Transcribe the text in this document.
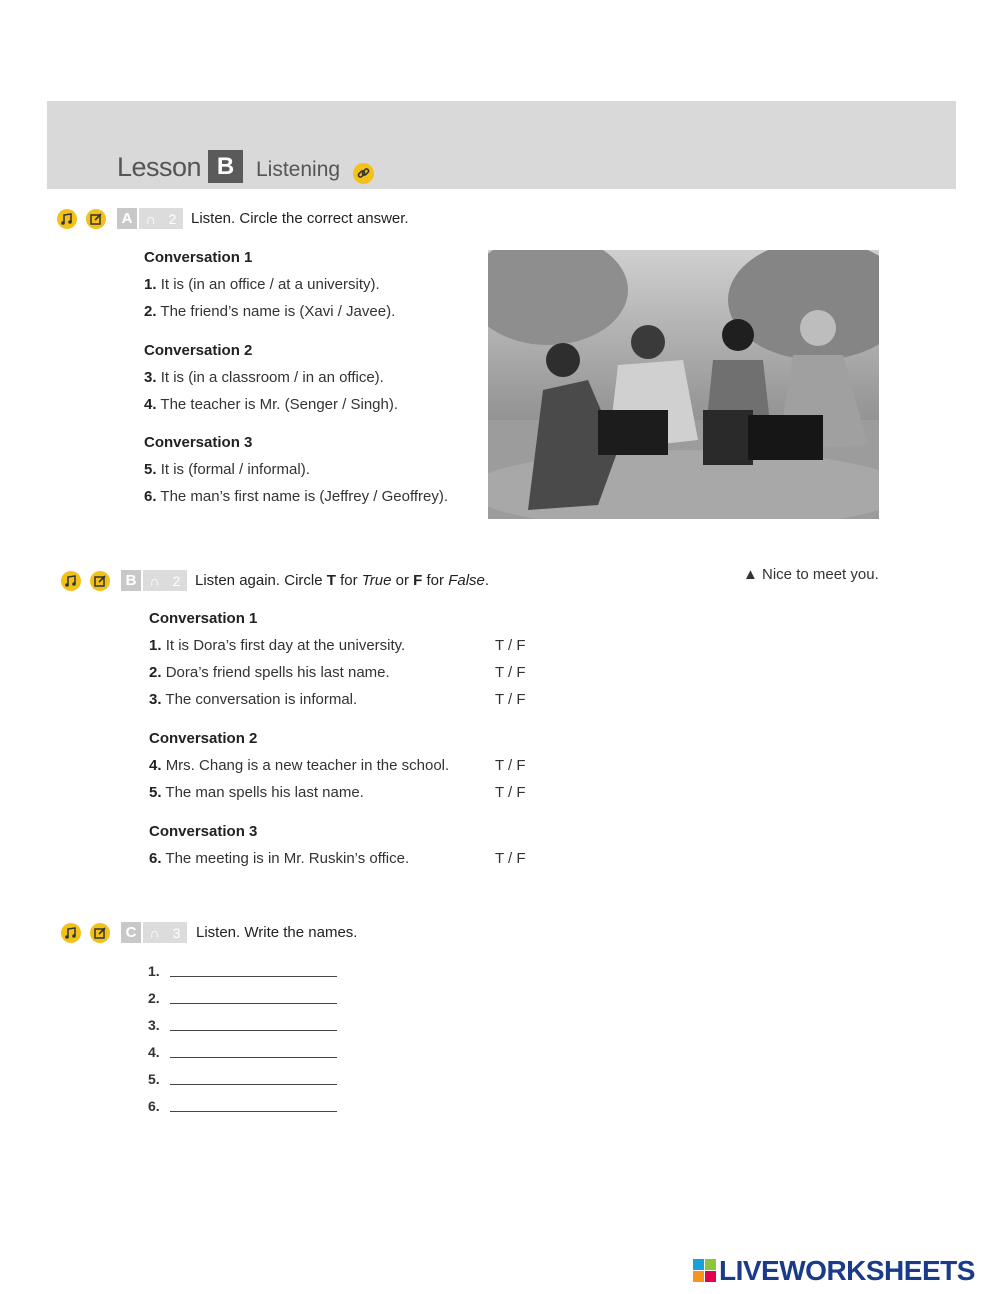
Lesson B	Listening
A ∩ 2 Listen. Circle the correct answer.
Conversation 1
1. It is (in an office / at a university).
2. The friend’s name is (Xavi / Javee).
Conversation 2
3. It is (in a classroom / in an office).
4. The teacher is Mr. (Senger / Singh).
Conversation 3
5. It is (formal / informal).
6. The man’s first name is (Jeffrey / Geoffrey).
▲ Nice to meet you.
B ∩ 2 Listen again. Circle T for True or F for False.
Conversation 1
1. It is Dora’s first day at the university.	T / F
2. Dora’s friend spells his last name.	T / F
3. The conversation is informal.	T / F
Conversation 2
4. Mrs. Chang is a new teacher in the school.	T / F
5. The man spells his last name.	T / F
Conversation 3
6. The meeting is in Mr. Ruskin’s office.	T / F
C ∩ 3 Listen. Write the names.
1.
2.
3.
4.
5.
6.
LIVEWORKSHEETS
